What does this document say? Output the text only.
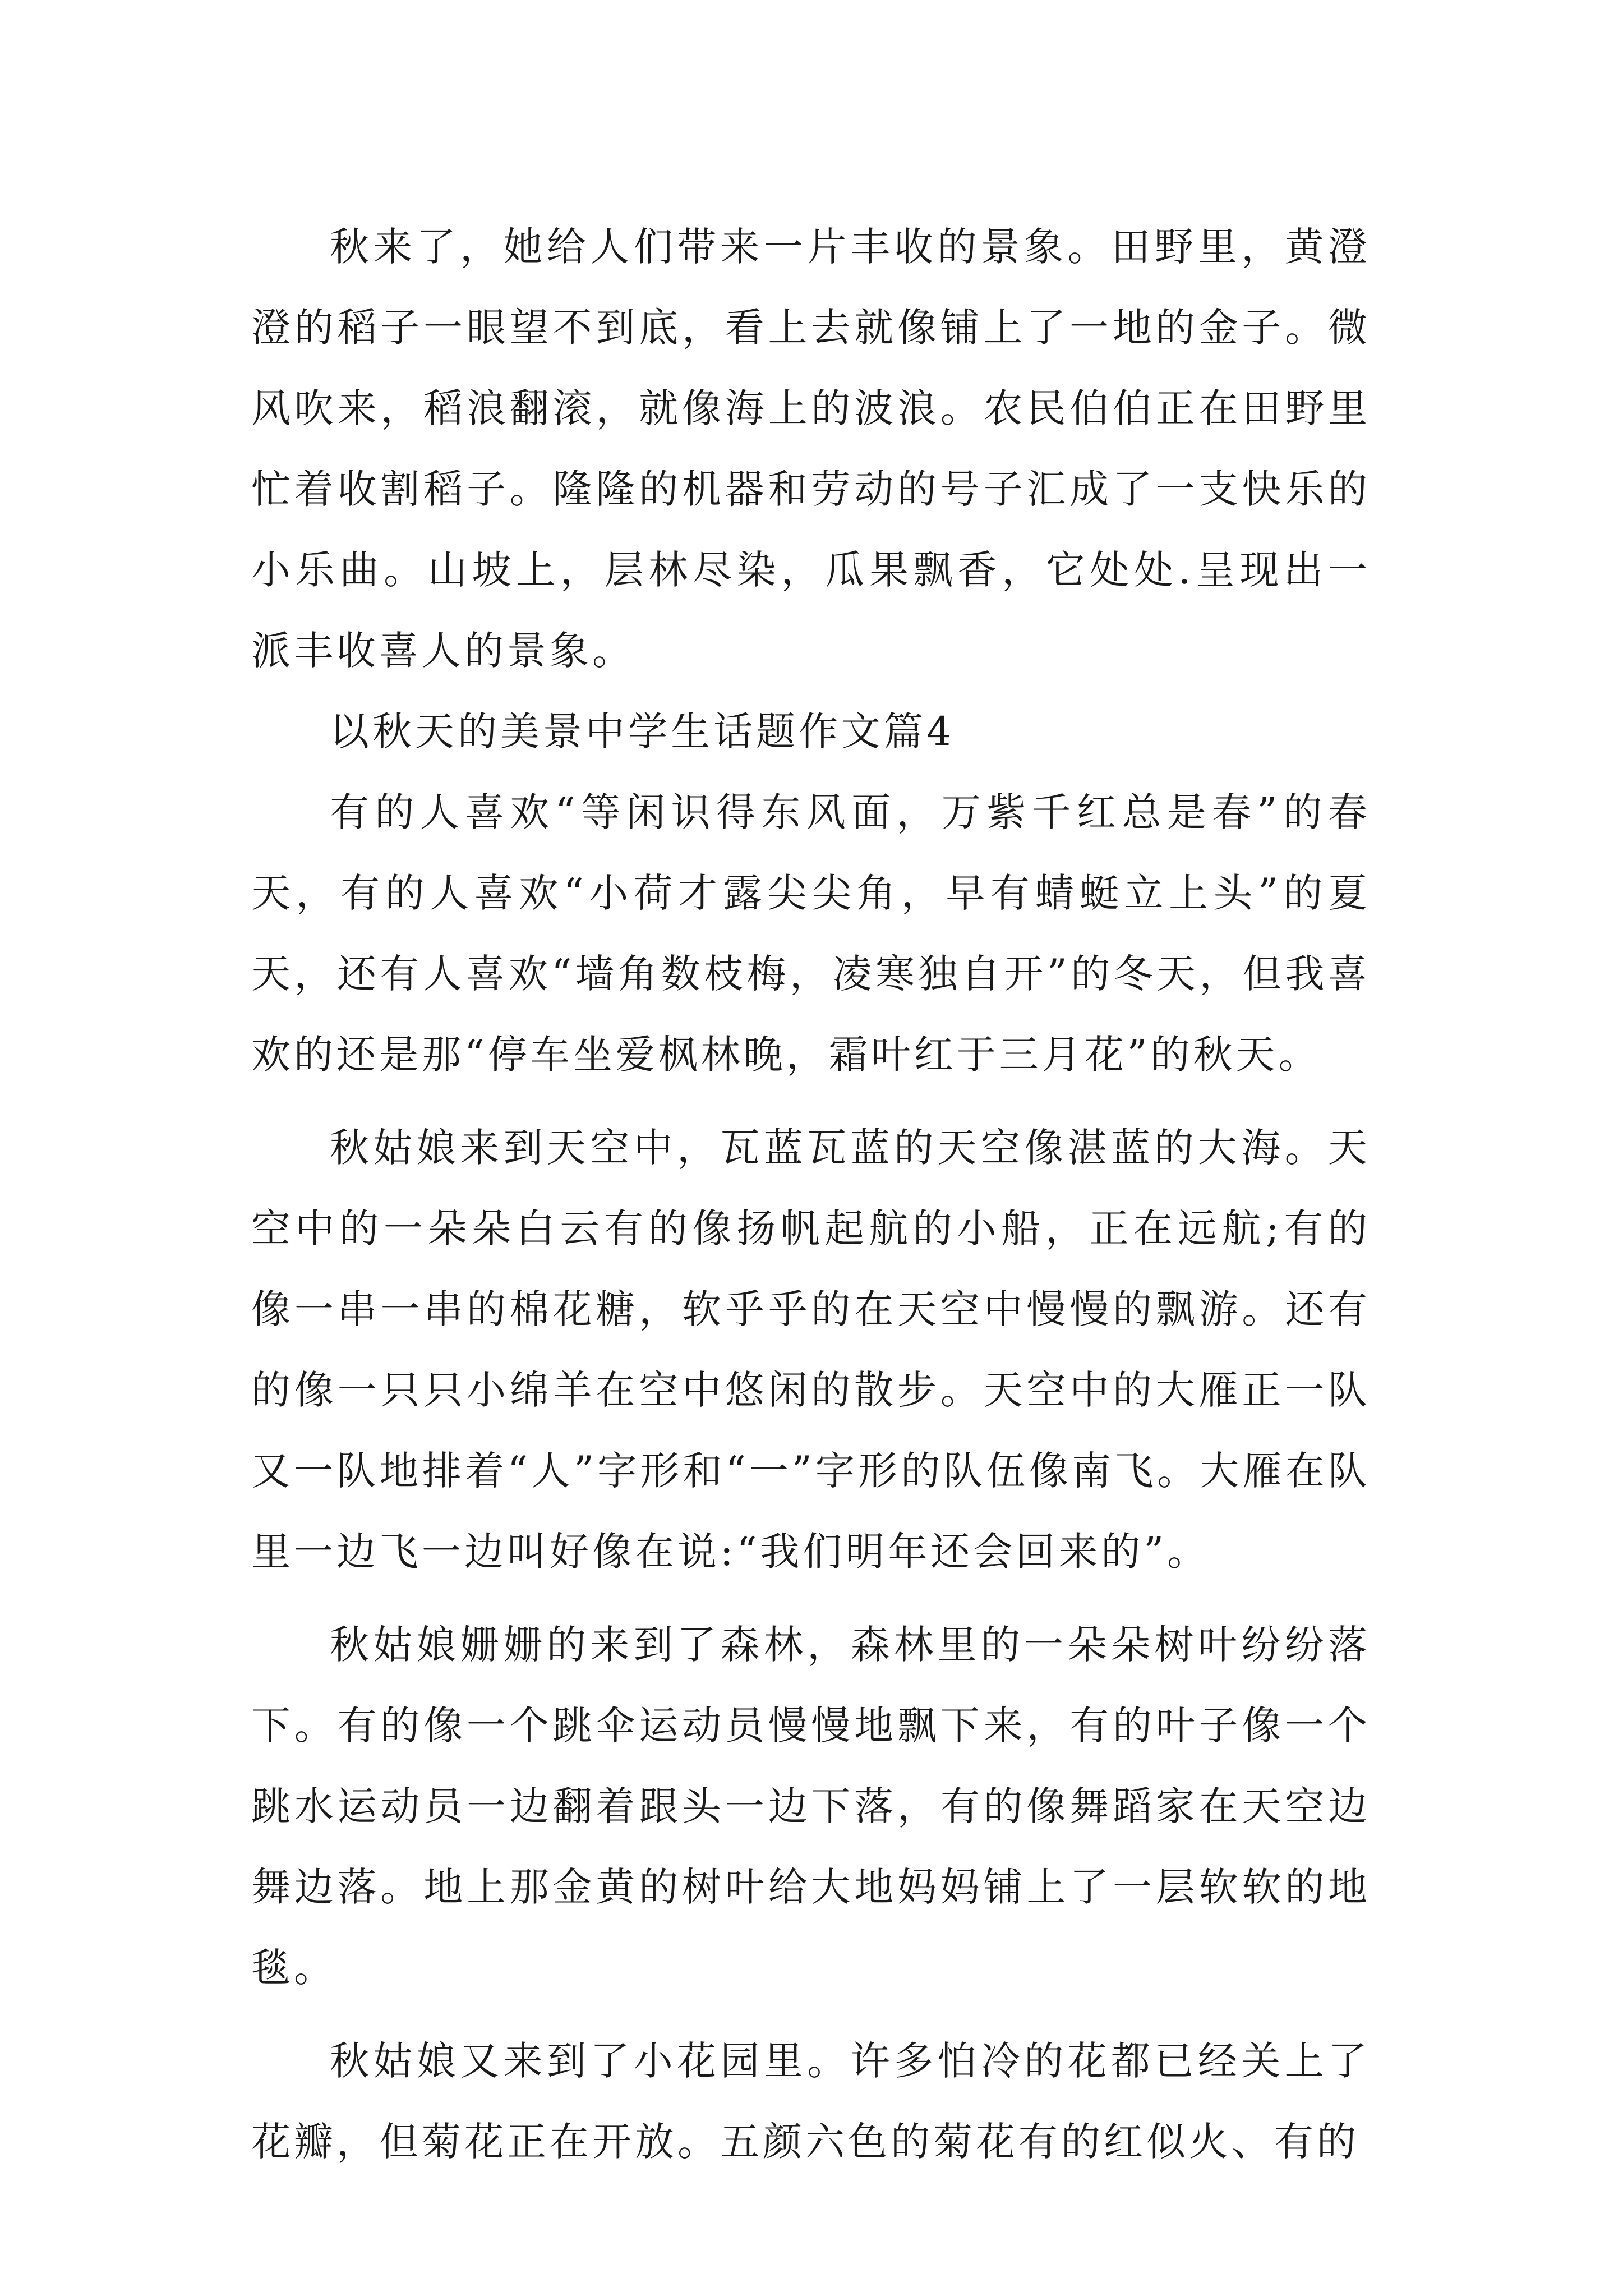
秋来了，她给人们带来一片丰收的景象。田野里，黄澄澄的稻子一眼望不到底，看上去就像铺上了一地的金子。微风吹来，稻浪翻滚，就像海上的波浪。农民伯伯正在田野里忙着收割稻子。隆隆的机器和劳动的号子汇成了一支快乐的小乐曲。山坡上，层林尽染，瓜果飘香，它处处.呈现出一派丰收喜人的景象。

以秋天的美景中学生话题作文篇4

有的人喜欢“等闲识得东风面，万紫千红总是春”的春天，有的人喜欢“小荷才露尖尖角，早有蜻蜓立上头”的夏天，还有人喜欢“墙角数枝梅，凌寒独自开”的冬天，但我喜欢的还是那“停车坐爱枫林晚，霜叶红于三月花”的秋天。

秋姑娘来到天空中，瓦蓝瓦蓝的天空像湛蓝的大海。天空中的一朵朵白云有的像扬帆起航的小船，正在远航;有的像一串一串的棉花糖，软乎乎的在天空中慢慢的飘游。还有的像一只只小绵羊在空中悠闲的散步。天空中的大雁正一队又一队地排着“人”字形和“一”字形的队伍像南飞。大雁在队里一边飞一边叫好像在说:“我们明年还会回来的”。

秋姑娘姗姗的来到了森林，森林里的一朵朵树叶纷纷落下。有的像一个跳伞运动员慢慢地飘下来，有的叶子像一个跳水运动员一边翻着跟头一边下落，有的像舞蹈家在天空边舞边落。地上那金黄的树叶给大地妈妈铺上了一层软软的地毯。

秋姑娘又来到了小花园里。许多怕冷的花都已经关上了花瓣，但菊花正在开放。五颜六色的菊花有的红似火、有的
